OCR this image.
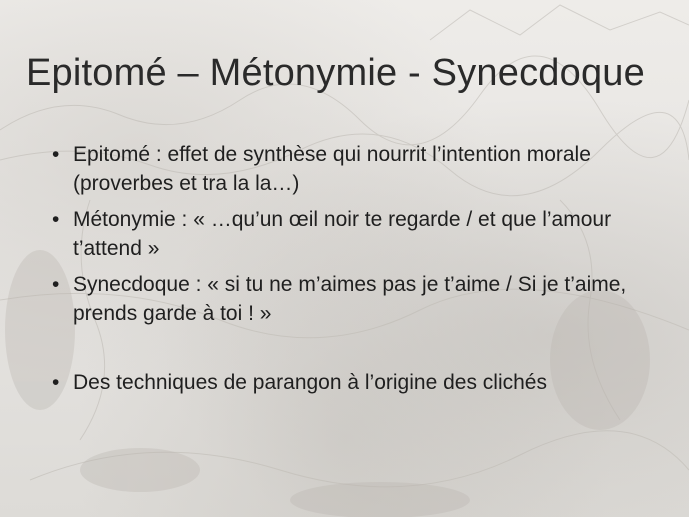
Epitomé – Métonymie - Synecdoque
• Epitomé : effet de synthèse qui nourrit l’intention morale (proverbes et tra la la…)
• Métonymie : « …qu’un œil noir te regarde / et que l’amour t’attend »
• Synecdoque : « si tu ne m’aimes pas je t’aime / Si je t’aime, prends garde à toi ! »
• Des techniques de parangon à l’origine des clichés
